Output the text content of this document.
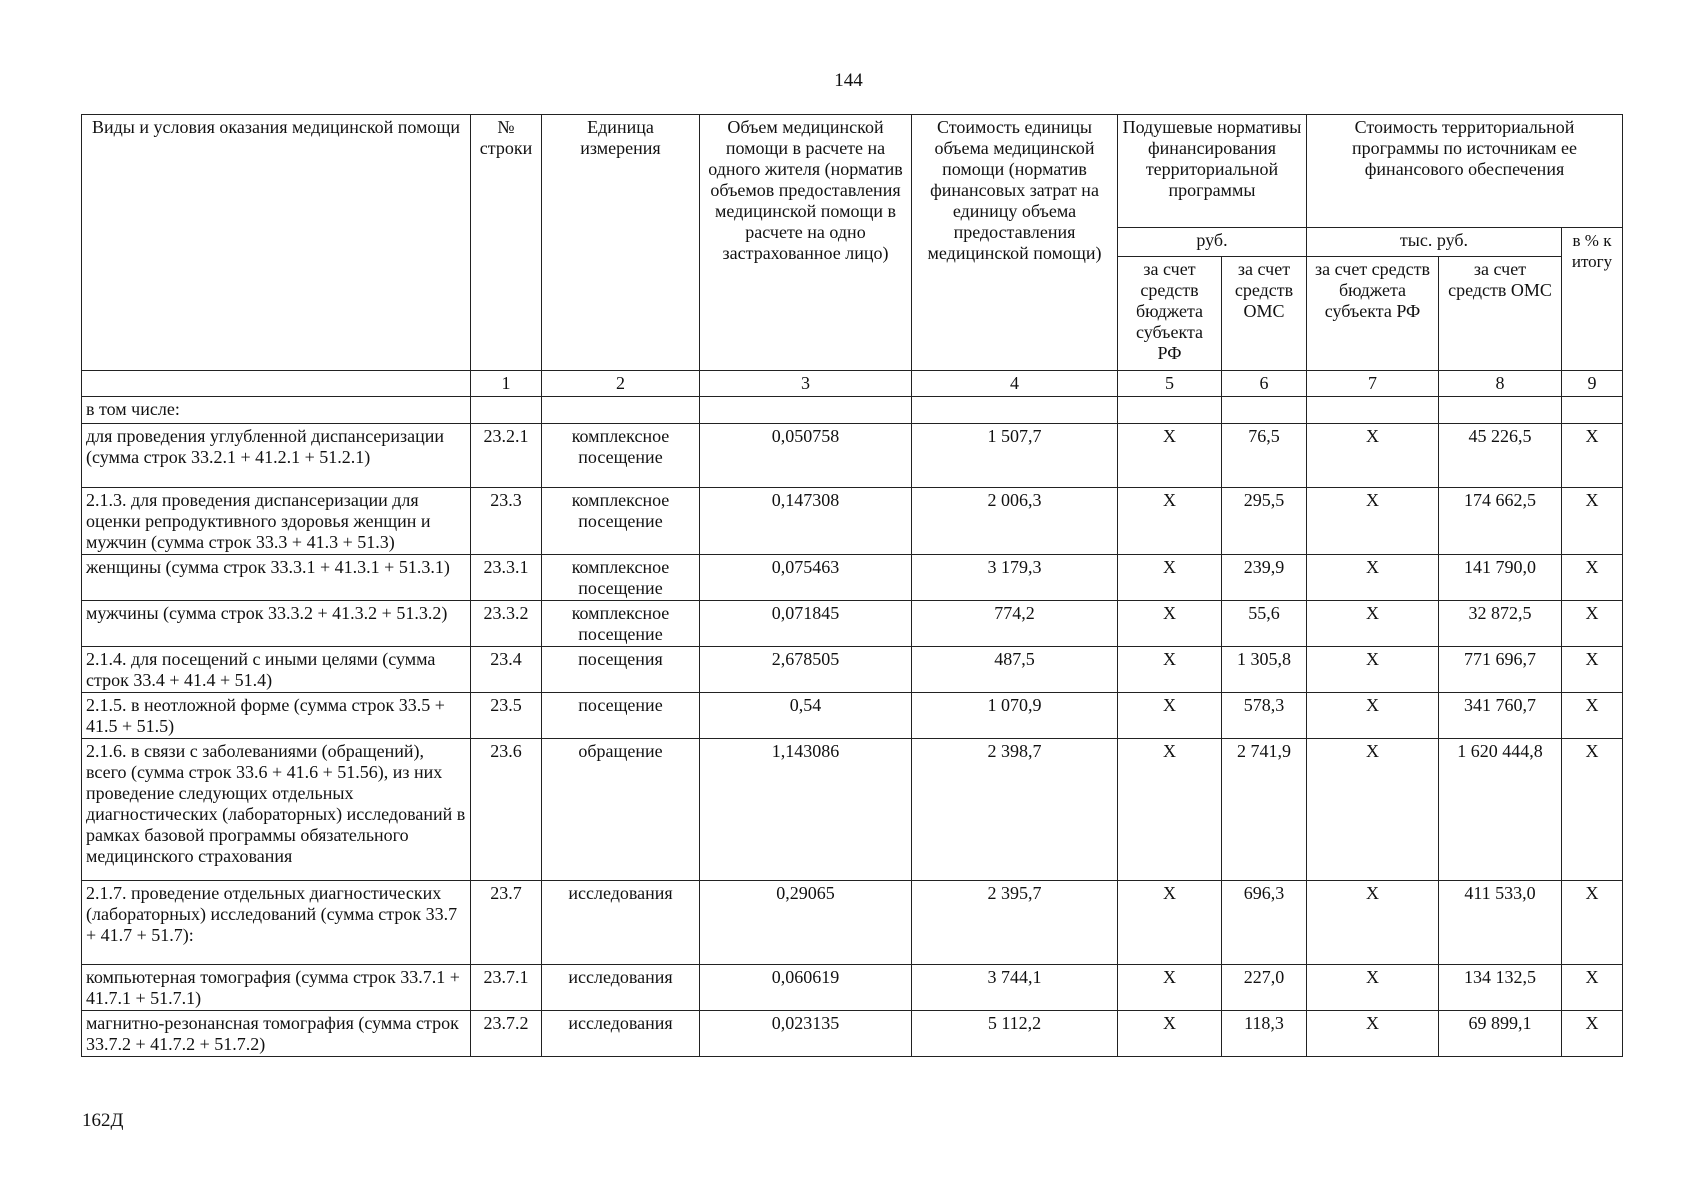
144
Виды и условия оказания медицинской помощи	№ строки	Единица измерения	Объем медицинской помощи в расчете на одного жителя (норматив объемов предоставления медицинской помощи в расчете на одно застрахованное лицо)	Стоимость единицы объема медицинской помощи (норматив финансовых затрат на единицу объема предоставления медицинской помощи)	Подушевые нормативы финансирования территориальной программы		Стоимость территориальной программы по источникам ее финансового обеспечения		
					руб.		тыс. руб.		в % к итогу
					за счет средств бюджета субъекта РФ	за счет средств ОМС	за счет средств бюджета субъекта РФ	за счет средств ОМС	
	1	2	3	4	5	6	7	8	9
в том числе:									
для проведения углубленной диспансеризации (сумма строк 33.2.1 + 41.2.1 + 51.2.1)	23.2.1	комплексное посещение	0,050758	1 507,7	X	76,5	X	45 226,5	X
2.1.3. для проведения диспансеризации для оценки репродуктивного здоровья женщин и мужчин (сумма строк 33.3 + 41.3 + 51.3)	23.3	комплексное посещение	0,147308	2 006,3	X	295,5	X	174 662,5	X
женщины (сумма строк 33.3.1 + 41.3.1 + 51.3.1)	23.3.1	комплексное посещение	0,075463	3 179,3	X	239,9	X	141 790,0	X
мужчины (сумма строк 33.3.2 + 41.3.2 + 51.3.2)	23.3.2	комплексное посещение	0,071845	774,2	X	55,6	X	32 872,5	X
2.1.4. для посещений с иными целями (сумма строк 33.4 + 41.4 + 51.4)	23.4	посещения	2,678505	487,5	X	1 305,8	X	771 696,7	X
2.1.5. в неотложной форме (сумма строк 33.5 + 41.5 + 51.5)	23.5	посещение	0,54	1 070,9	X	578,3	X	341 760,7	X
2.1.6. в связи с заболеваниями (обращений), всего (сумма строк 33.6 + 41.6 + 51.56), из них проведение следующих отдельных диагностических (лабораторных) исследований в рамках базовой программы обязательного медицинского страхования	23.6	обращение	1,143086	2 398,7	X	2 741,9	X	1 620 444,8	X
2.1.7. проведение отдельных диагностических (лабораторных) исследований (сумма строк 33.7 + 41.7 + 51.7):	23.7	исследования	0,29065	2 395,7	X	696,3	X	411 533,0	X
компьютерная томография (сумма строк 33.7.1 + 41.7.1 + 51.7.1)	23.7.1	исследования	0,060619	3 744,1	X	227,0	X	134 132,5	X
магнитно-резонансная томография (сумма строк 33.7.2 + 41.7.2 + 51.7.2)	23.7.2	исследования	0,023135	5 112,2	X	118,3	X	69 899,1	X
162Д
